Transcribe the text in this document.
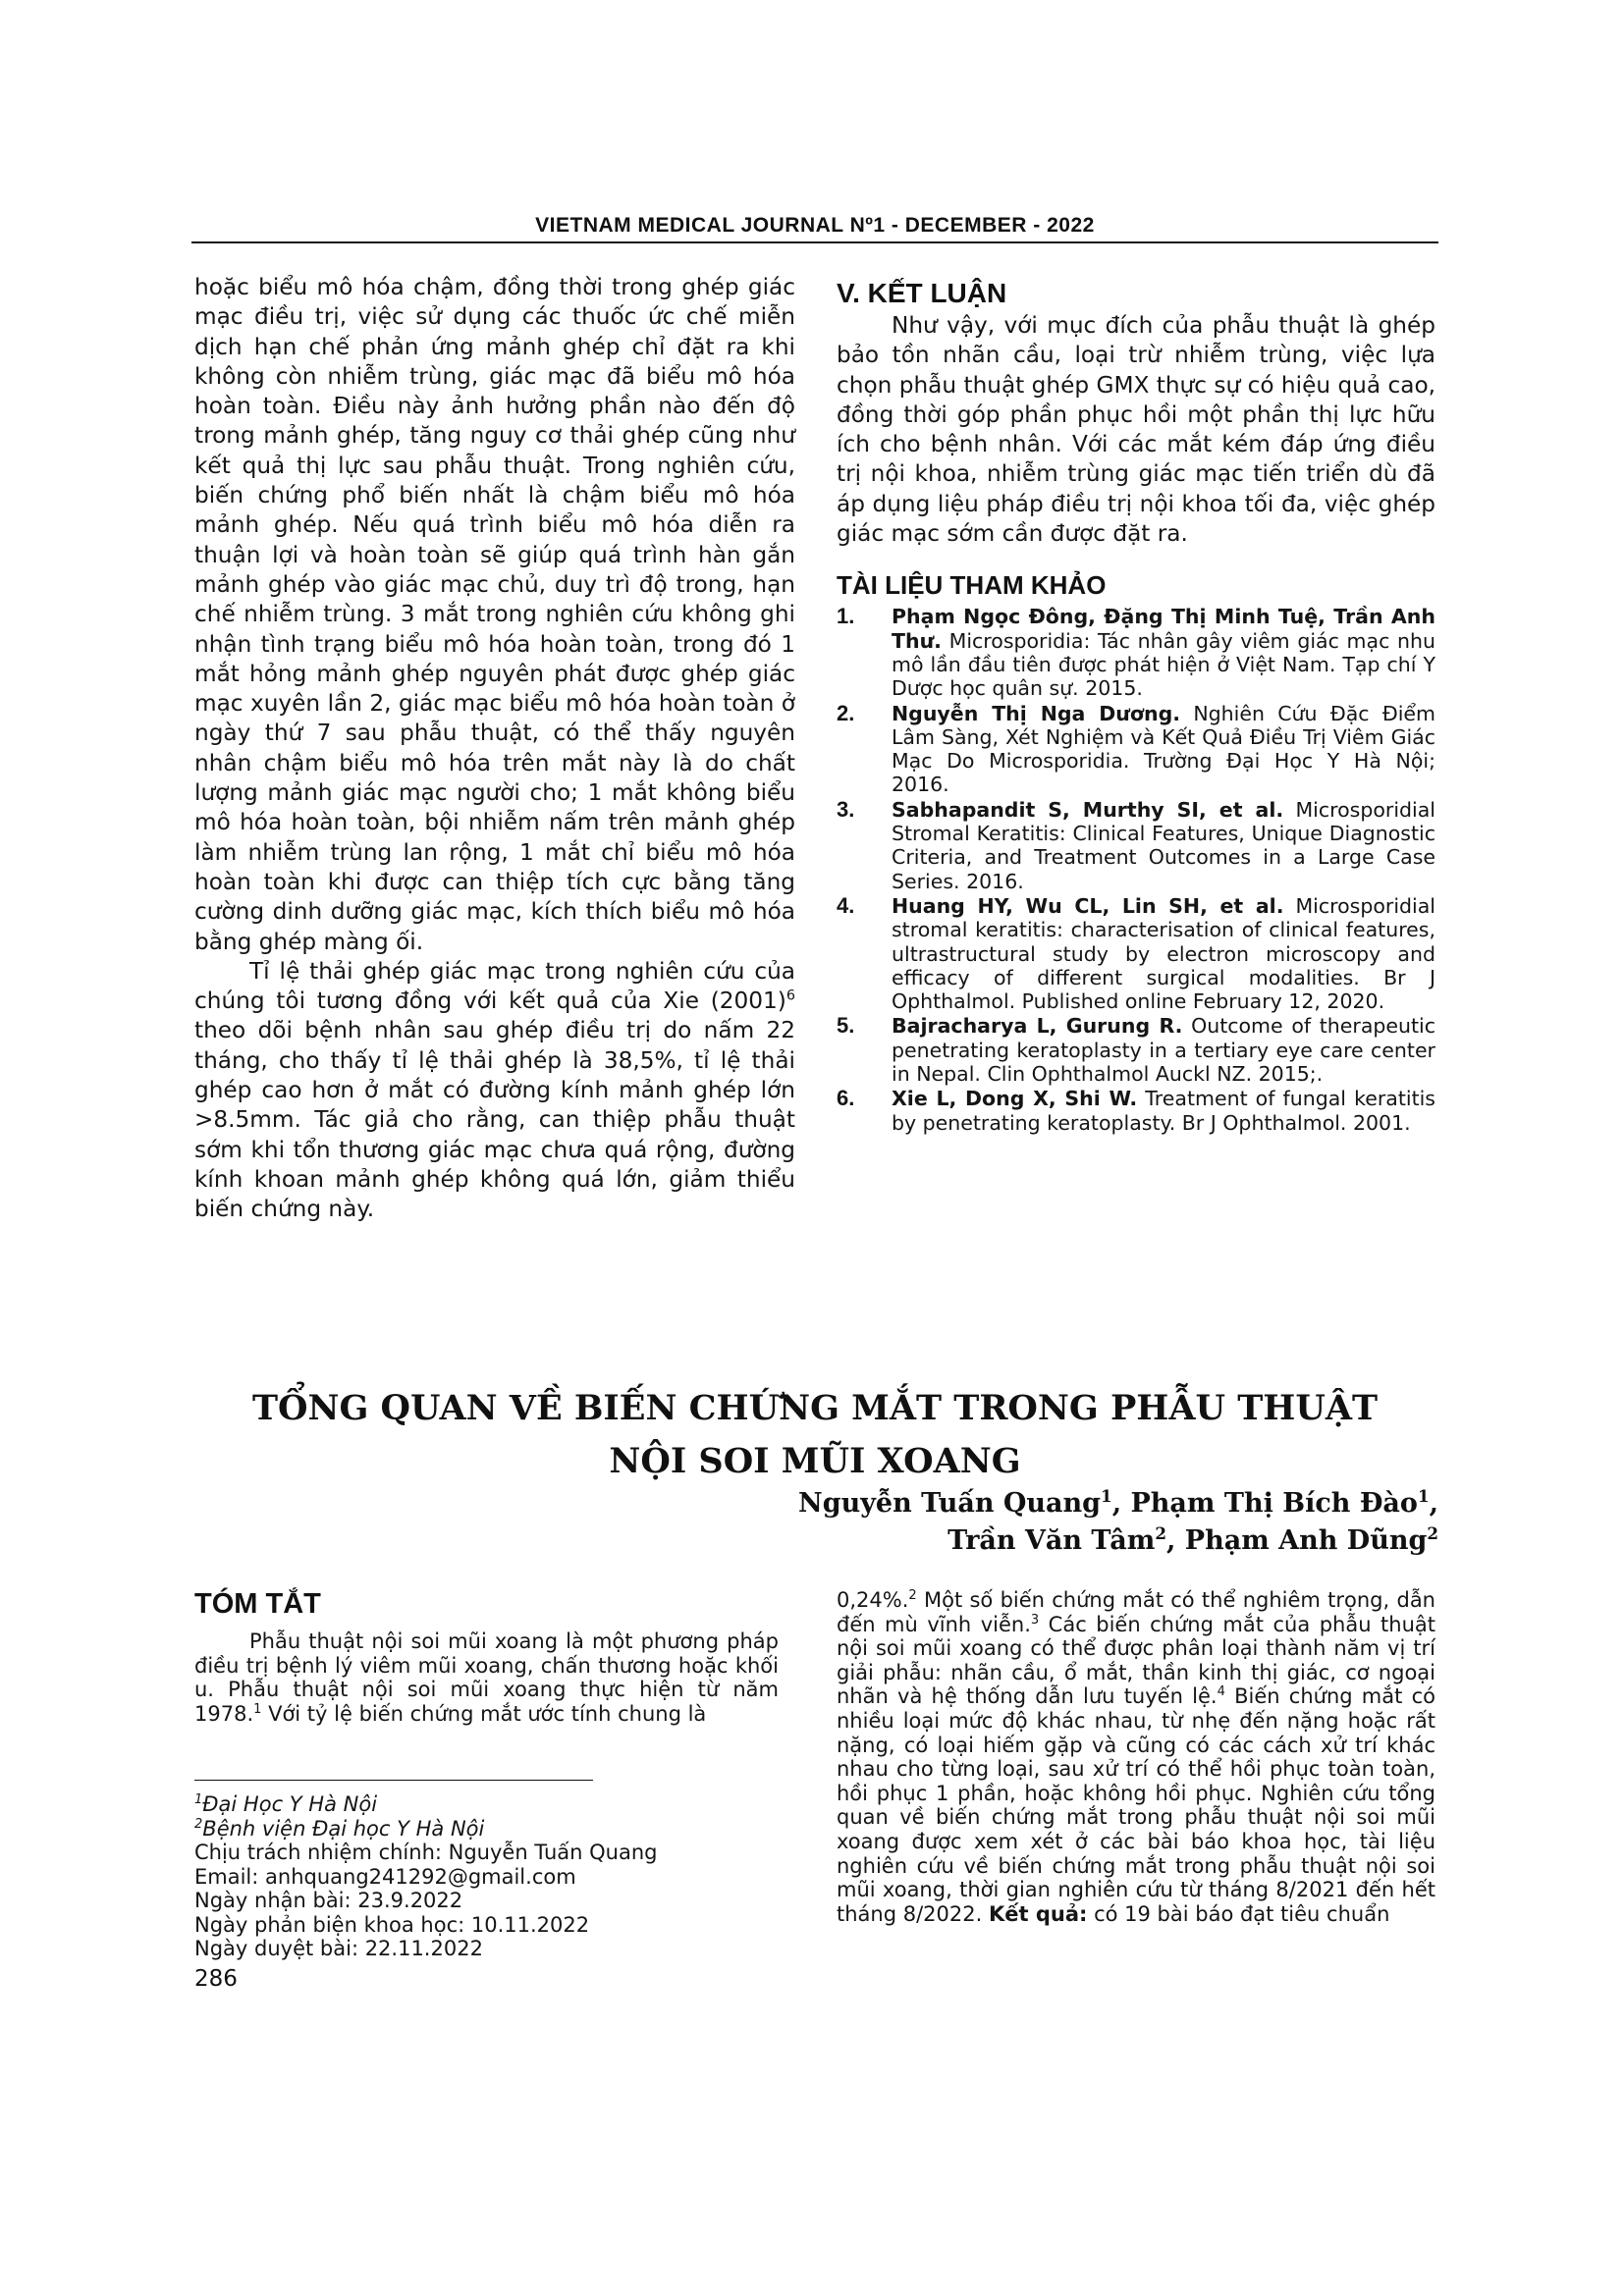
VIETNAM MEDICAL JOURNAL Nº1 - DECEMBER - 2022

hoặc biểu mô hóa chậm, đồng thời trong ghép giác mạc điều trị, việc sử dụng các thuốc ức chế miễn dịch hạn chế phản ứng mảnh ghép chỉ đặt ra khi không còn nhiễm trùng, giác mạc đã biểu mô hóa hoàn toàn. Điều này ảnh hưởng phần nào đến độ trong mảnh ghép, tăng nguy cơ thải ghép cũng như kết quả thị lực sau phẫu thuật. Trong nghiên cứu, biến chứng phổ biến nhất là chậm biểu mô hóa mảnh ghép. Nếu quá trình biểu mô hóa diễn ra thuận lợi và hoàn toàn sẽ giúp quá trình hàn gắn mảnh ghép vào giác mạc chủ, duy trì độ trong, hạn chế nhiễm trùng. 3 mắt trong nghiên cứu không ghi nhận tình trạng biểu mô hóa hoàn toàn, trong đó 1 mắt hỏng mảnh ghép nguyên phát được ghép giác mạc xuyên lần 2, giác mạc biểu mô hóa hoàn toàn ở ngày thứ 7 sau phẫu thuật, có thể thấy nguyên nhân chậm biểu mô hóa trên mắt này là do chất lượng mảnh giác mạc người cho; 1 mắt không biểu mô hóa hoàn toàn, bội nhiễm nấm trên mảnh ghép làm nhiễm trùng lan rộng, 1 mắt chỉ biểu mô hóa hoàn toàn khi được can thiệp tích cực bằng tăng cường dinh dưỡng giác mạc, kích thích biểu mô hóa bằng ghép màng ối.

Tỉ lệ thải ghép giác mạc trong nghiên cứu của chúng tôi tương đồng với kết quả của Xie $(2001)^6$ theo dõi bệnh nhân sau ghép điều trị do nấm 22 tháng, cho thấy tỉ lệ thải ghép là 38,5%, tỉ lệ thải ghép cao hơn ở mắt có đường kính mảnh ghép lớn >8.5mm. Tác giả cho rằng, can thiệp phẫu thuật sớm khi tổn thương giác mạc chưa quá rộng, đường kính khoan mảnh ghép không quá lớn, giảm thiểu biến chứng này.

V. KẾT LUẬN

Như vậy, với mục đích của phẫu thuật là ghép bảo tồn nhãn cầu, loại trừ nhiễm trùng, việc lựa chọn phẫu thuật ghép GMX thực sự có hiệu quả cao, đồng thời góp phần phục hồi một phần thị lực hữu ích cho bệnh nhân. Với các mắt kém đáp ứng điều trị nội khoa, nhiễm trùng giác mạc tiến triển dù đã áp dụng liệu pháp điều trị nội khoa tối đa, việc ghép giác mạc sớm cần được đặt ra.

TÀI LIỆU THAM KHẢO
1. Phạm Ngọc Đông, Đặng Thị Minh Tuệ, Trần Anh Thư. Microsporidia: Tác nhân gây viêm giác mạc nhu mô lần đầu tiên được phát hiện ở Việt Nam. Tạp chí Y Dược học quân sự. 2015.
2. Nguyễn Thị Nga Dương. Nghiên Cứu Đặc Điểm Lâm Sàng, Xét Nghiệm và Kết Quả Điều Trị Viêm Giác Mạc Do Microsporidia. Trường Đại Học Y Hà Nội; 2016.
3. Sabhapandit S, Murthy SI, et al. Microsporidial Stromal Keratitis: Clinical Features, Unique Diagnostic Criteria, and Treatment Outcomes in a Large Case Series. 2016.
4. Huang HY, Wu CL, Lin SH, et al. Microsporidial stromal keratitis: characterisation of clinical features, ultrastructural study by electron microscopy and efficacy of different surgical modalities. Br J Ophthalmol. Published online February 12, 2020.
5. Bajracharya L, Gurung R. Outcome of therapeutic penetrating keratoplasty in a tertiary eye care center in Nepal. Clin Ophthalmol Auckl NZ. 2015;.
6. Xie L, Dong X, Shi W. Treatment of fungal keratitis by penetrating keratoplasty. Br J Ophthalmol. 2001.
TỔNG QUAN VỀ BIẾN CHỨNG MẮT TRONG PHẪU THUẬT
NỘI SOI MŨI XOANG
Nguyễn Tuấn Quang$^1$, Phạm Thị Bích Đào$^1$,
Trần Văn Tâm$^2$, Phạm Anh Dũng$^2$
TÓM TẮT

Phẫu thuật nội soi mũi xoang là một phương pháp điều trị bệnh lý viêm mũi xoang, chấn thương hoặc khối u. Phẫu thuật nội soi mũi xoang thực hiện từ năm 1978.$^1$ Với tỷ lệ biến chứng mắt ước tính chung là

0,24%.$^2$ Một số biến chứng mắt có thể nghiêm trọng, dẫn đến mù vĩnh viễn.$^3$ Các biến chứng mắt của phẫu thuật nội soi mũi xoang có thể được phân loại thành năm vị trí giải phẫu: nhãn cầu, ổ mắt, thần kinh thị giác, cơ ngoại nhãn và hệ thống dẫn lưu tuyến lệ.$^4$ Biến chứng mắt có nhiều loại mức độ khác nhau, từ nhẹ đến nặng hoặc rất nặng, có loại hiếm gặp và cũng có các cách xử trí khác nhau cho từng loại, sau xử trí có thể hồi phục toàn toàn, hồi phục 1 phần, hoặc không hồi phục. Nghiên cứu tổng quan về biến chứng mắt trong phẫu thuật nội soi mũi xoang được xem xét ở các bài báo khoa học, tài liệu nghiên cứu về biến chứng mắt trong phẫu thuật nội soi mũi xoang, thời gian nghiên cứu từ tháng 8/2021 đến hết tháng 8/2022. Kết quả: có 19 bài báo đạt tiêu chuẩn

$^1$Đại Học Y Hà Nội
$^2$Bệnh viện Đại học Y Hà Nội
Chịu trách nhiệm chính: Nguyễn Tuấn Quang
Email: anhquang241292@gmail.com
Ngày nhận bài: 23.9.2022
Ngày phản biện khoa học: 10.11.2022
Ngày duyệt bài: 22.11.2022
286
